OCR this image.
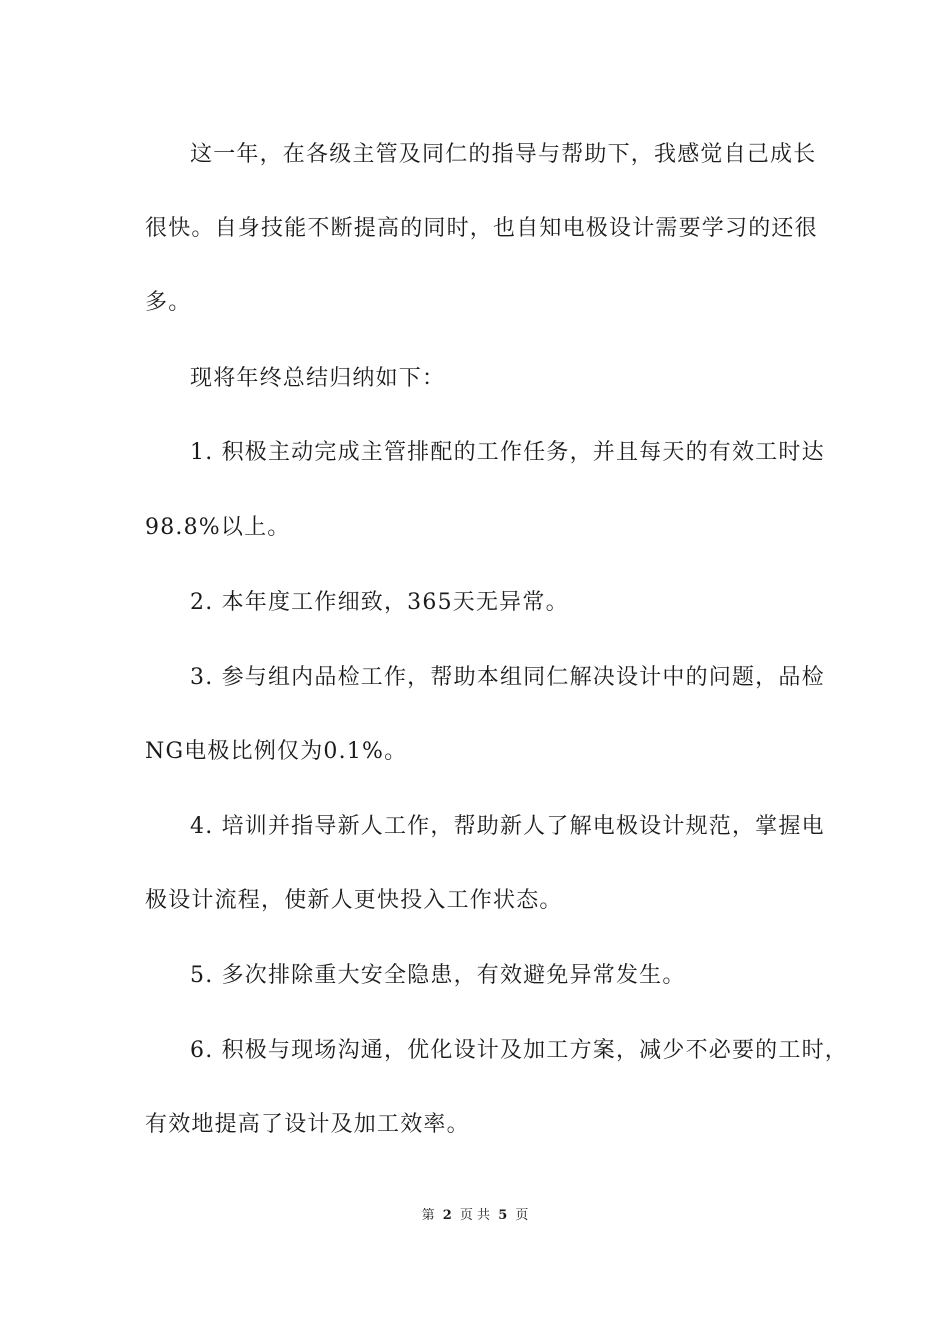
这一年，在各级主管及同仁的指导与帮助下，我感觉自己成长
很快。自身技能不断提高的同时，也自知电极设计需要学习的还很
多。
现将年终总结归纳如下：
1. 积极主动完成主管排配的工作任务，并且每天的有效工时达
98.8%以上。
2. 本年度工作细致，365天无异常。
3. 参与组内品检工作，帮助本组同仁解决设计中的问题，品检
NG电极比例仅为0.1%。
4. 培训并指导新人工作，帮助新人了解电极设计规范，掌握电
极设计流程，使新人更快投入工作状态。
5. 多次排除重大安全隐患，有效避免异常发生。
6. 积极与现场沟通，优化设计及加工方案，减少不必要的工时，
有效地提高了设计及加工效率。
第 2 页 共 5 页
